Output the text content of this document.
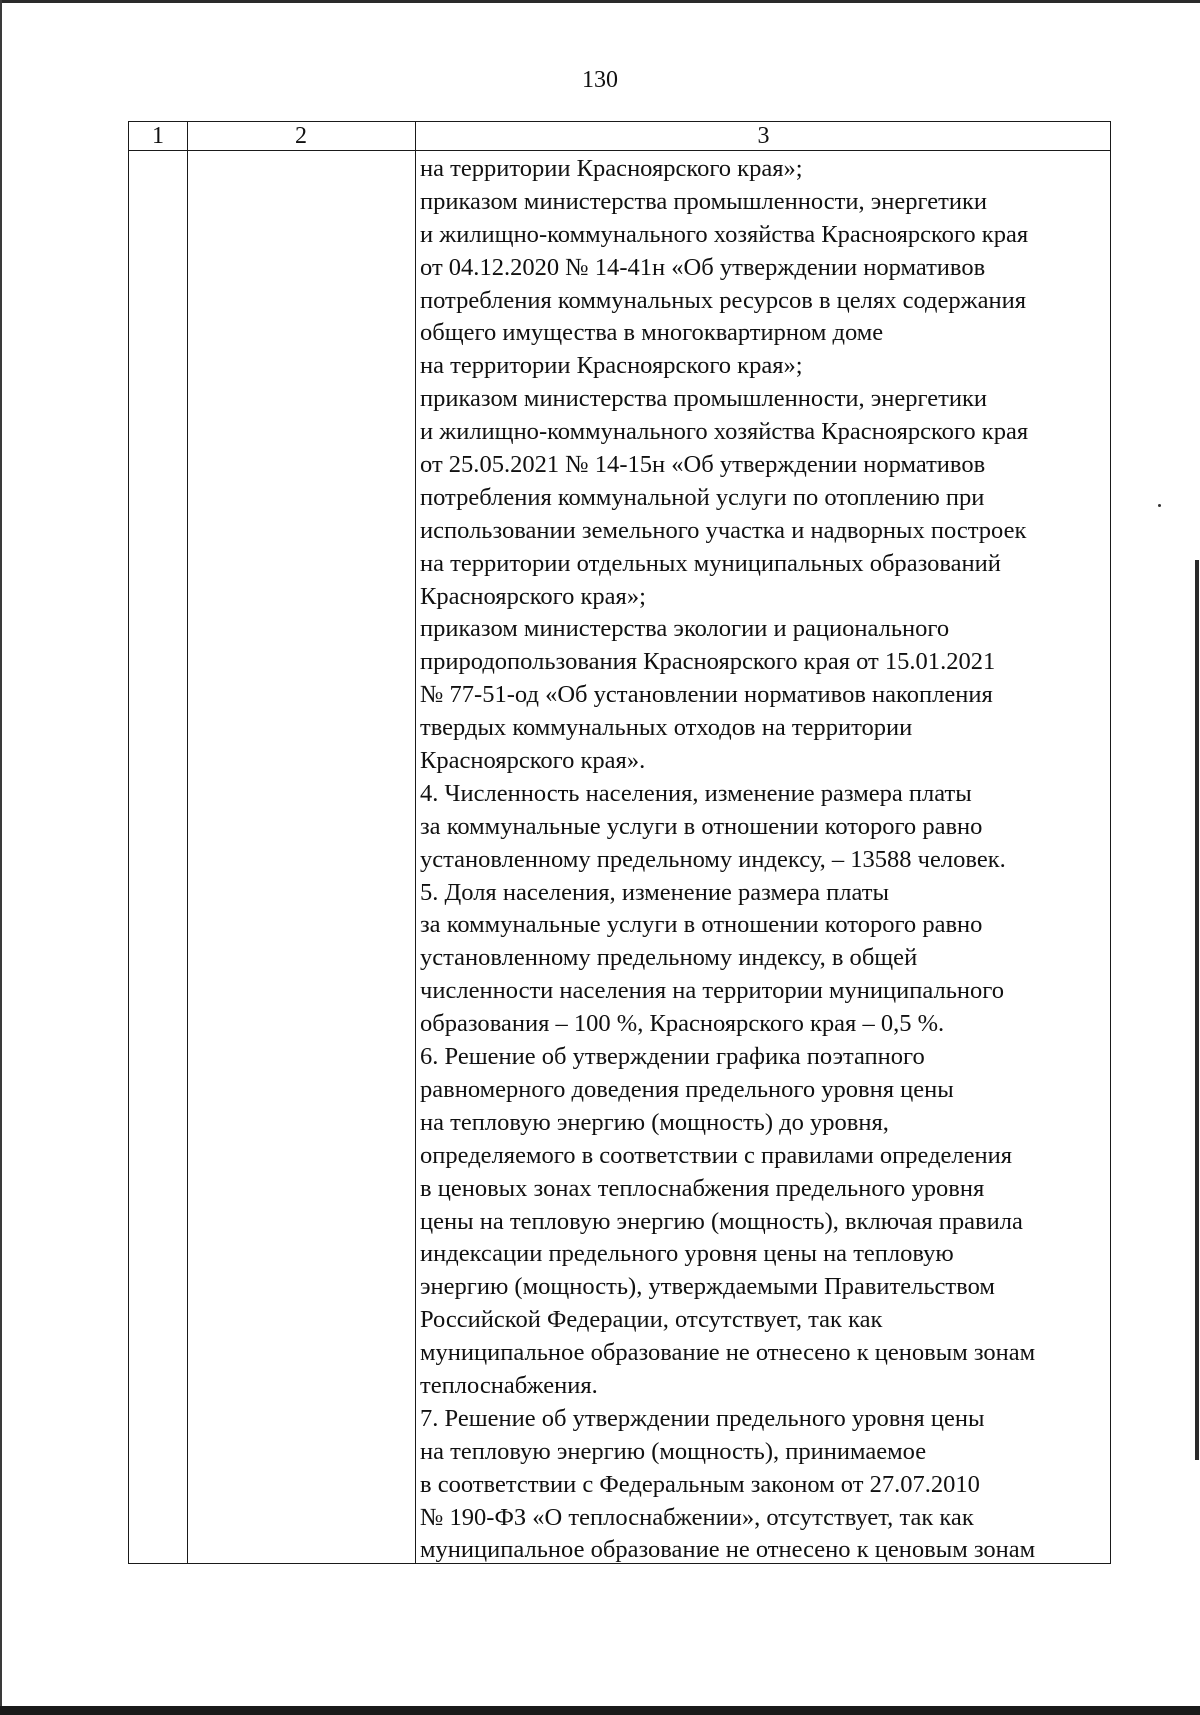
130
1	2	3
на территории Красноярского края»;
приказом министерства промышленности, энергетики
и жилищно-коммунального хозяйства Красноярского края
от 04.12.2020 № 14-41н «Об утверждении нормативов
потребления коммунальных ресурсов в целях содержания
общего имущества в многоквартирном доме
на территории Красноярского края»;
приказом министерства промышленности, энергетики
и жилищно-коммунального хозяйства Красноярского края
от 25.05.2021 № 14-15н «Об утверждении нормативов
потребления коммунальной услуги по отоплению при
использовании земельного участка и надворных построек
на территории отдельных муниципальных образований
Красноярского края»;
приказом министерства экологии и рационального
природопользования Красноярского края от 15.01.2021
№ 77-51-од «Об установлении нормативов накопления
твердых коммунальных отходов на территории
Красноярского края».
4. Численность населения, изменение размера платы
за коммунальные услуги в отношении которого равно
установленному предельному индексу, – 13588 человек.
5. Доля населения, изменение размера платы
за коммунальные услуги в отношении которого равно
установленному предельному индексу, в общей
численности населения на территории муниципального
образования – 100 %, Красноярского края – 0,5 %.
6. Решение об утверждении графика поэтапного
равномерного доведения предельного уровня цены
на тепловую энергию (мощность) до уровня,
определяемого в соответствии с правилами определения
в ценовых зонах теплоснабжения предельного уровня
цены на тепловую энергию (мощность), включая правила
индексации предельного уровня цены на тепловую
энергию (мощность), утверждаемыми Правительством
Российской Федерации, отсутствует, так как
муниципальное образование не отнесено к ценовым зонам
теплоснабжения.
7. Решение об утверждении предельного уровня цены
на тепловую энергию (мощность), принимаемое
в соответствии с Федеральным законом от 27.07.2010
№ 190-ФЗ «О теплоснабжении», отсутствует, так как
муниципальное образование не отнесено к ценовым зонам
